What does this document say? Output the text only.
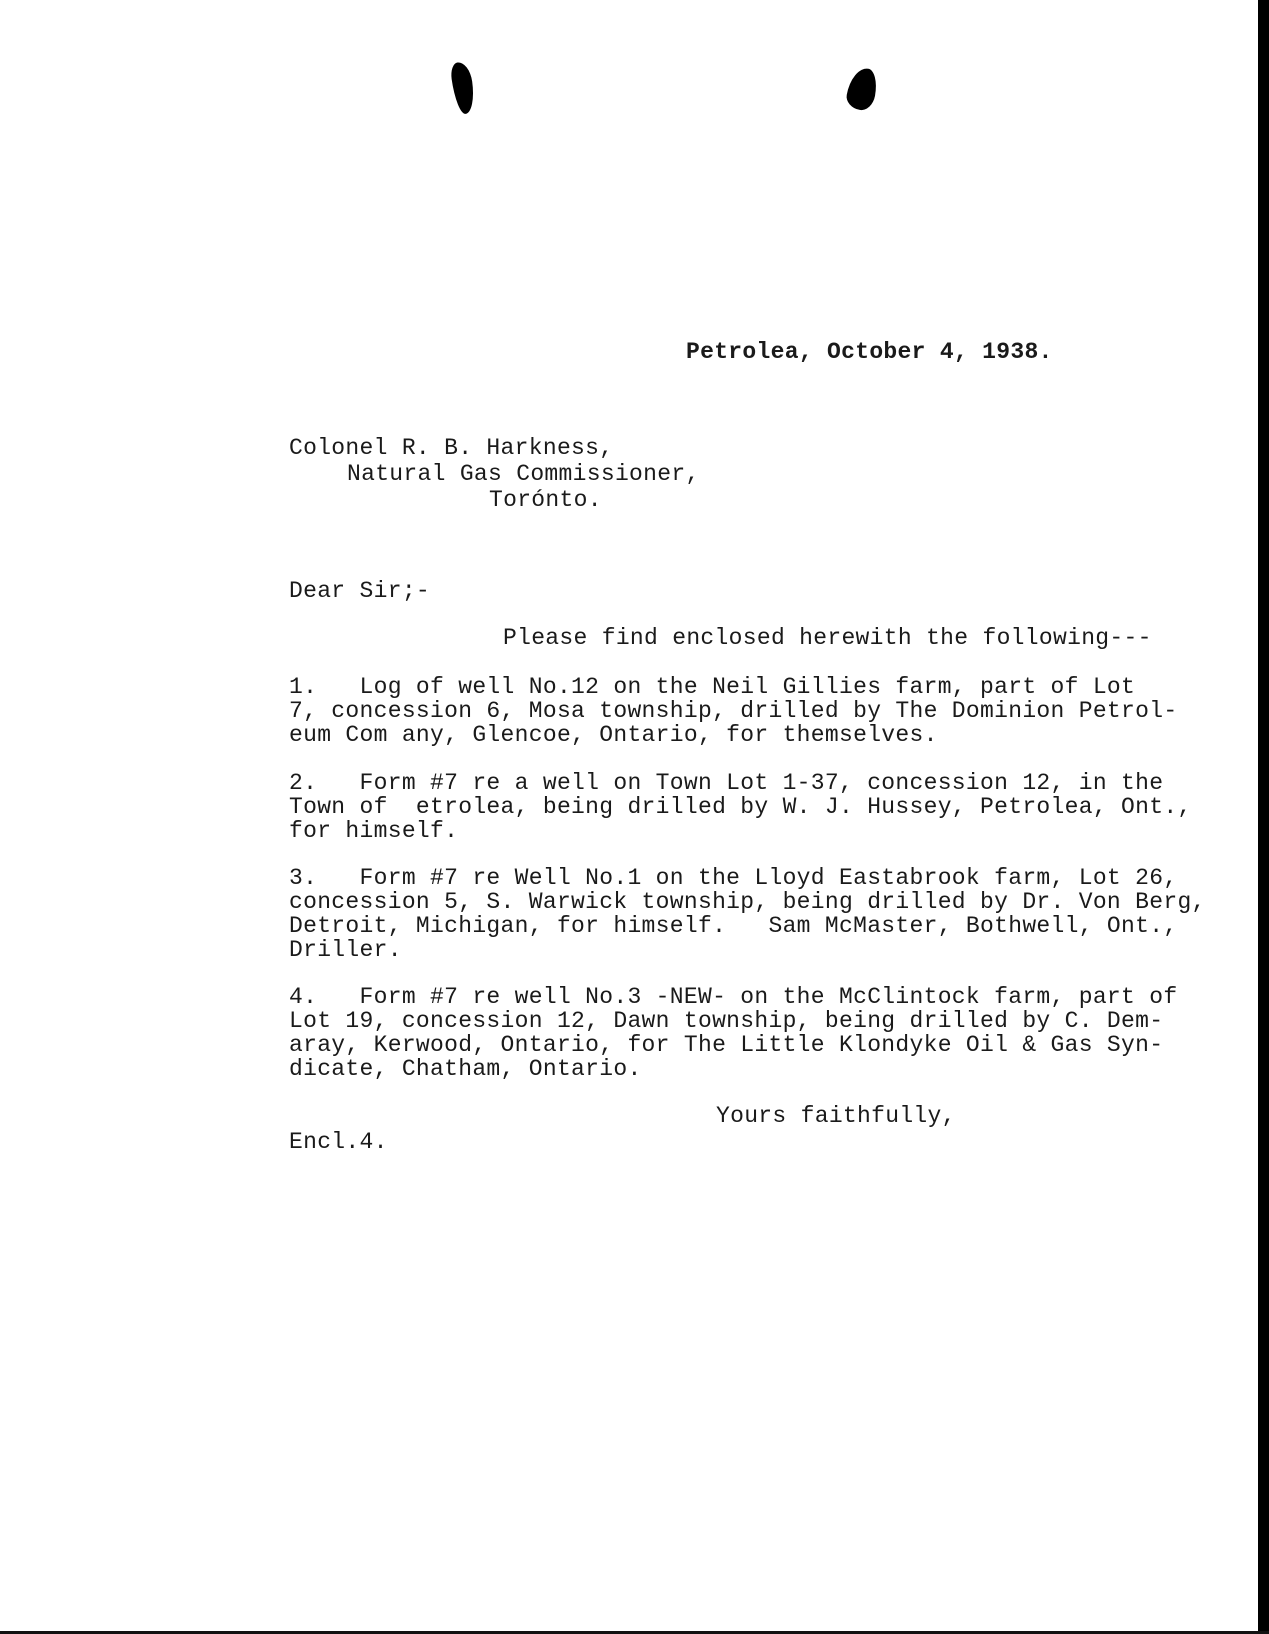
Petrolea, October 4, 1938.
Colonel R. B. Harkness,
Natural Gas Commissioner,
Torónto.
Dear Sir;-
Please find enclosed herewith the following---
1.   Log of well No.12 on the Neil Gillies farm, part of Lot
7, concession 6, Mosa township, drilled by The Dominion Petrol-
eum Com any, Glencoe, Ontario, for themselves.
2.   Form #7 re a well on Town Lot 1-37, concession 12, in the
Town of  etrolea, being drilled by W. J. Hussey, Petrolea, Ont.,
for himself.
3.   Form #7 re Well No.1 on the Lloyd Eastabrook farm, Lot 26,
concession 5, S. Warwick township, being drilled by Dr. Von Berg,
Detroit, Michigan, for himself.   Sam McMaster, Bothwell, Ont.,
Driller.
4.   Form #7 re well No.3 -NEW- on the McClintock farm, part of
Lot 19, concession 12, Dawn township, being drilled by C. Dem-
aray, Kerwood, Ontario, for The Little Klondyke Oil & Gas Syn-
dicate, Chatham, Ontario.
Yours faithfully,
Encl.4.
